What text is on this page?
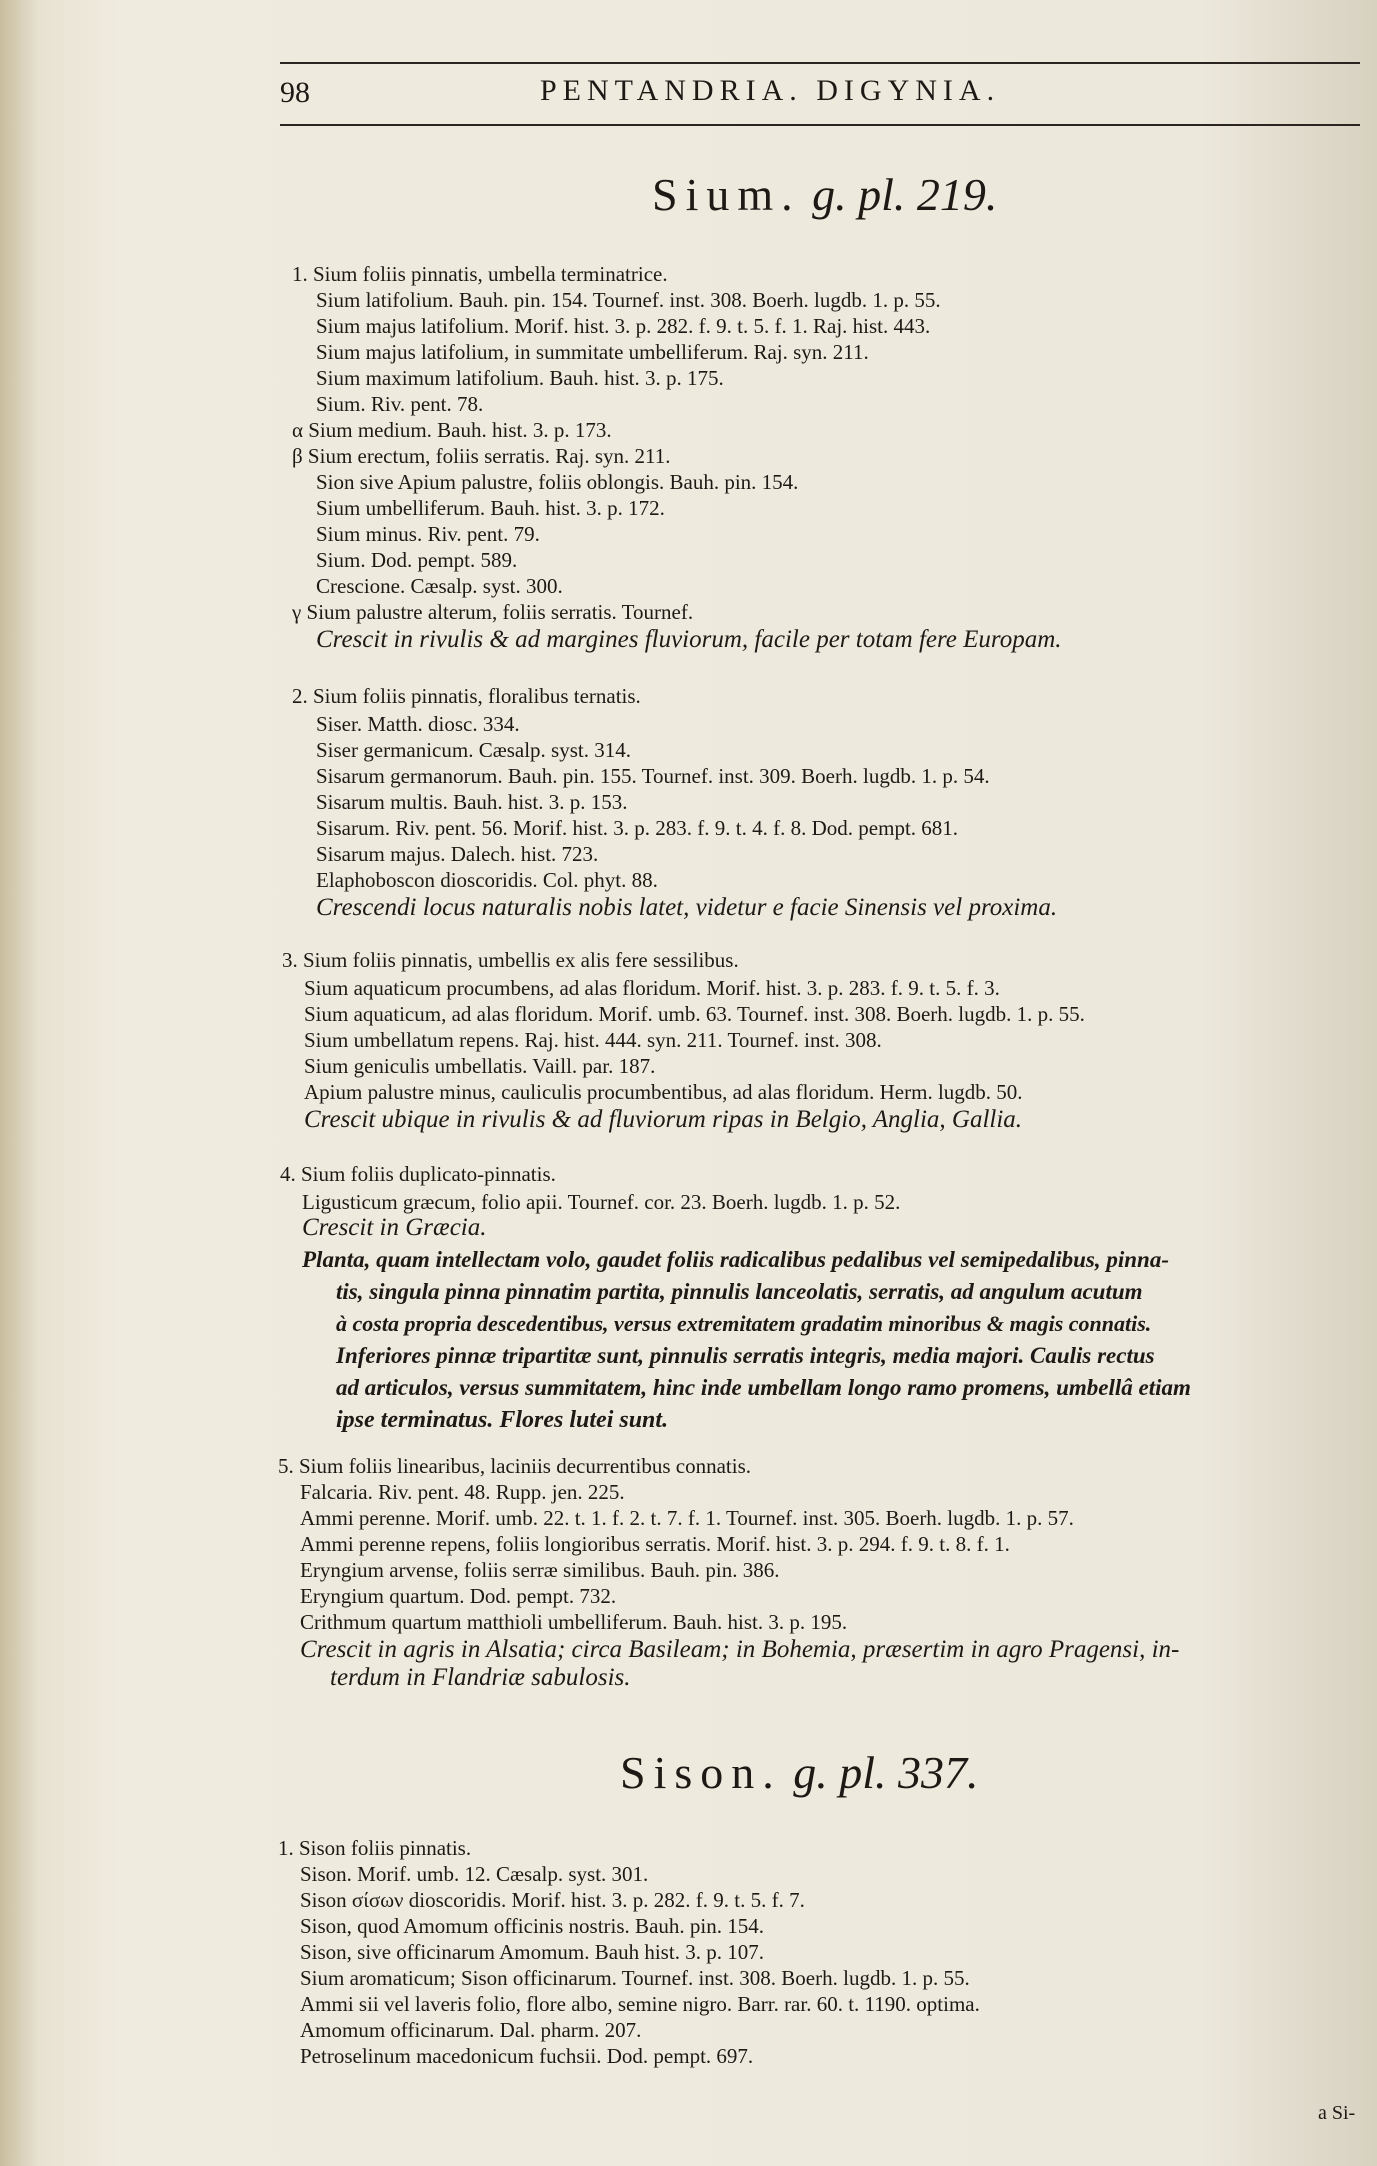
98	PENTANDRIA. DIGYNIA.
Sium. g. pl. 219.
1. Sium foliis pinnatis, umbella terminatrice.
Sium latifolium. Bauh. pin. 154. Tournef. inst. 308. Boerh. lugdb. 1. p. 55.
Sium majus latifolium. Morif. hist. 3. p. 282. f. 9. t. 5. f. 1. Raj. hist. 443.
Sium majus latifolium, in summitate umbelliferum. Raj. syn. 211.
Sium maximum latifolium. Bauh. hist. 3. p. 175.
Sium. Riv. pent. 78.
α Sium medium. Bauh. hist. 3. p. 173.
β Sium erectum, foliis serratis. Raj. syn. 211.
Sion sive Apium palustre, foliis oblongis. Bauh. pin. 154.
Sium umbelliferum. Bauh. hist. 3. p. 172.
Sium minus. Riv. pent. 79.
Sium. Dod. pempt. 589.
Crescione. Cæsalp. syst. 300.
γ Sium palustre alterum, foliis serratis. Tournef.
Crescit in rivulis & ad margines fluviorum, facile per totam fere Europam.
2. Sium foliis pinnatis, floralibus ternatis.
Siser. Matth. diosc. 334.
Siser germanicum. Cæsalp. syst. 314.
Sisarum germanorum. Bauh. pin. 155. Tournef. inst. 309. Boerh. lugdb. 1. p. 54.
Sisarum multis. Bauh. hist. 3. p. 153.
Sisarum. Riv. pent. 56. Morif. hist. 3. p. 283. f. 9. t. 4. f. 8. Dod. pempt. 681.
Sisarum majus. Dalech. hist. 723.
Elaphoboscon dioscoridis. Col. phyt. 88.
Crescendi locus naturalis nobis latet, videtur e facie Sinensis vel proxima.
3. Sium foliis pinnatis, umbellis ex alis fere sessilibus.
Sium aquaticum procumbens, ad alas floridum. Morif. hist. 3. p. 283. f. 9. t. 5. f. 3.
Sium aquaticum, ad alas floridum. Morif. umb. 63. Tournef. inst. 308. Boerh. lugdb. 1. p. 55.
Sium umbellatum repens. Raj. hist. 444. syn. 211. Tournef. inst. 308.
Sium geniculis umbellatis. Vaill. par. 187.
Apium palustre minus, cauliculis procumbentibus, ad alas floridum. Herm. lugdb. 50.
Crescit ubique in rivulis & ad fluviorum ripas in Belgio, Anglia, Gallia.
4. Sium foliis duplicato-pinnatis.
Ligusticum græcum, folio apii. Tournef. cor. 23. Boerh. lugdb. 1. p. 52.
Crescit in Græcia.
Planta, quam intellectam volo, gaudet foliis radicalibus pedalibus vel semipedalibus, pinna-
tis, singula pinna pinnatim partita, pinnulis lanceolatis, serratis, ad angulum acutum
à costa propria descedentibus, versus extremitatem gradatim minoribus & magis connatis.
Inferiores pinnæ tripartitæ sunt, pinnulis serratis integris, media majori. Caulis rectus
ad articulos, versus summitatem, hinc inde umbellam longo ramo promens, umbellâ etiam
ipse terminatus. Flores lutei sunt.
5. Sium foliis linearibus, laciniis decurrentibus connatis.
Falcaria. Riv. pent. 48. Rupp. jen. 225.
Ammi perenne. Morif. umb. 22. t. 1. f. 2. t. 7. f. 1. Tournef. inst. 305. Boerh. lugdb. 1. p. 57.
Ammi perenne repens, foliis longioribus serratis. Morif. hist. 3. p. 294. f. 9. t. 8. f. 1.
Eryngium arvense, foliis serræ similibus. Bauh. pin. 386.
Eryngium quartum. Dod. pempt. 732.
Crithmum quartum matthioli umbelliferum. Bauh. hist. 3. p. 195.
Crescit in agris in Alsatia; circa Basileam; in Bohemia, præsertim in agro Pragensi, in-
terdum in Flandriæ sabulosis.
Sison. g. pl. 337.
1. Sison foliis pinnatis.
Sison. Morif. umb. 12. Cæsalp. syst. 301.
Sison σίσων dioscoridis. Morif. hist. 3. p. 282. f. 9. t. 5. f. 7.
Sison, quod Amomum officinis nostris. Bauh. pin. 154.
Sison, sive officinarum Amomum. Bauh hist. 3. p. 107.
Sium aromaticum; Sison officinarum. Tournef. inst. 308. Boerh. lugdb. 1. p. 55.
Ammi sii vel laveris folio, flore albo, semine nigro. Barr. rar. 60. t. 1190. optima.
Amomum officinarum. Dal. pharm. 207.
Petroselinum macedonicum fuchsii. Dod. pempt. 697.
a Si-
